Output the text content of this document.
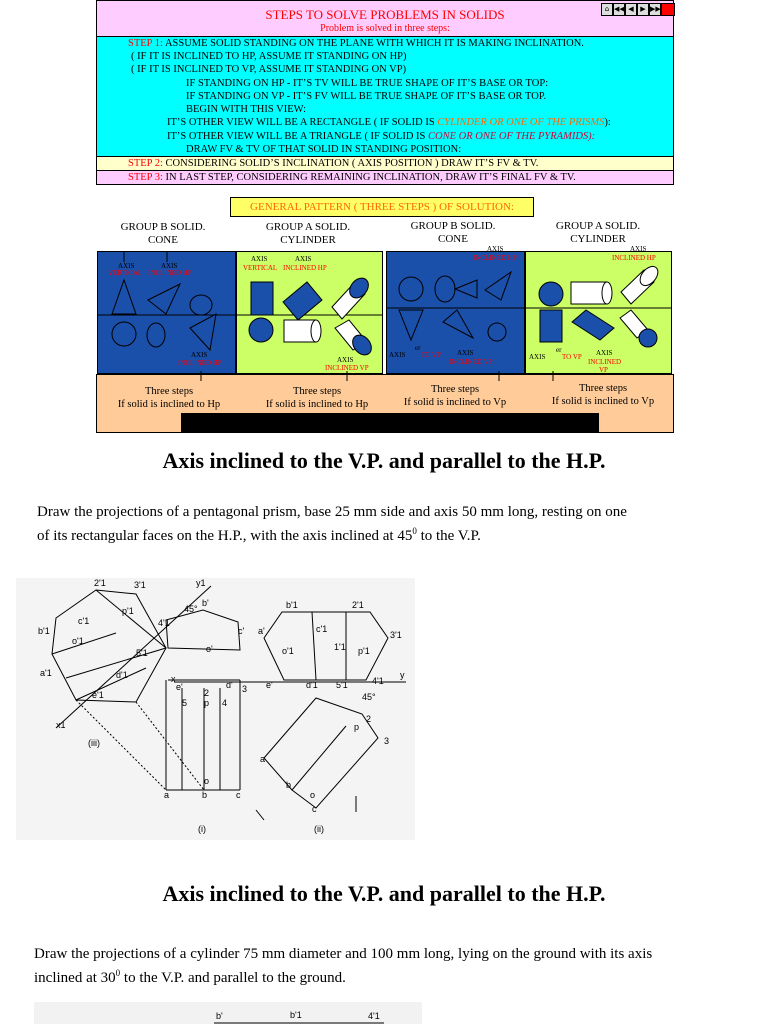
STEPS TO SOLVE PROBLEMS IN SOLIDS
Problem is solved in three steps:
⌂ ◀◀ ◀ ▶ ▶▶
STEP 1: ASSUME SOLID STANDING ON THE PLANE WITH WHICH IT IS MAKING INCLINATION.
( IF IT IS INCLINED TO HP, ASSUME IT STANDING ON HP)
( IF IT IS INCLINED TO VP, ASSUME IT STANDING ON VP)
IF STANDING ON HP - IT’S TV WILL BE TRUE SHAPE OF IT’S BASE OR TOP:
IF STANDING ON VP - IT’S FV WILL BE TRUE SHAPE OF IT’S BASE OR TOP.
BEGIN WITH THIS VIEW:
IT’S OTHER VIEW WILL BE A RECTANGLE ( IF SOLID IS CYLINDER OR ONE OF THE PRISMS):
IT’S OTHER VIEW WILL BE A TRIANGLE ( IF SOLID IS CONE OR ONE OF THE PYRAMIDS):
DRAW FV & TV OF THAT SOLID IN STANDING POSITION:
STEP 2: CONSIDERING SOLID’S INCLINATION ( AXIS POSITION ) DRAW IT’S FV & TV.
STEP 3: IN LAST STEP, CONSIDERING REMAINING INCLINATION, DRAW IT’S FINAL FV & TV.
GENERAL PATTERN ( THREE STEPS ) OF SOLUTION:
GROUP B SOLID.
CONE
GROUP A SOLID.
CYLINDER
GROUP B SOLID.
CONE
GROUP A SOLID.
CYLINDER
AXIS	AXIS
VERTICAL INCLINED HP
AXIS
INCLINED HP
AXIS	AXIS
VERTICAL INCLINED HP
AXIS
INCLINED VP
AXIS
INCLINED HP
AXIS
er
TO VP AXIS
INCLINED VP
AXIS
INCLINED HP
AXIS
er
TO VP AXIS
INCLINED
VP
Three steps
If solid is inclined to Hp
Three steps
If solid is inclined to Hp
Three steps
If solid is inclined to Vp
Three steps
If solid is inclined to Vp
Axis inclined to the V.P. and parallel to the H.P.
Draw the projections of a pentagonal prism, base 25 mm side and axis 50 mm long, resting on one
of its rectangular faces on the H.P., with the axis inclined at $45^0$ to the V.P.
2'1	3'1
b'1
c'1
p'1
4'1
o'1
a'1	d'1
5'1
e'1
b'
c'
o'
45°
a'
b'1	2'1
c'1
1'1
o'1	p'1
3'1
x	y
x1
y1
e'
2
d' 3
5 p 4
e'	d'1 5'1	4'1
45°
2
p
3
a
b
o
c
(iii)
a	b	c
o
(i)	(ii)
Axis inclined to the V.P. and parallel to the H.P.
Draw the projections of a cylinder 75 mm diameter and 100 mm long, lying on the ground with its axis
inclined at $30^0$ to the V.P. and parallel to the ground.
b'	b'1	4'1
